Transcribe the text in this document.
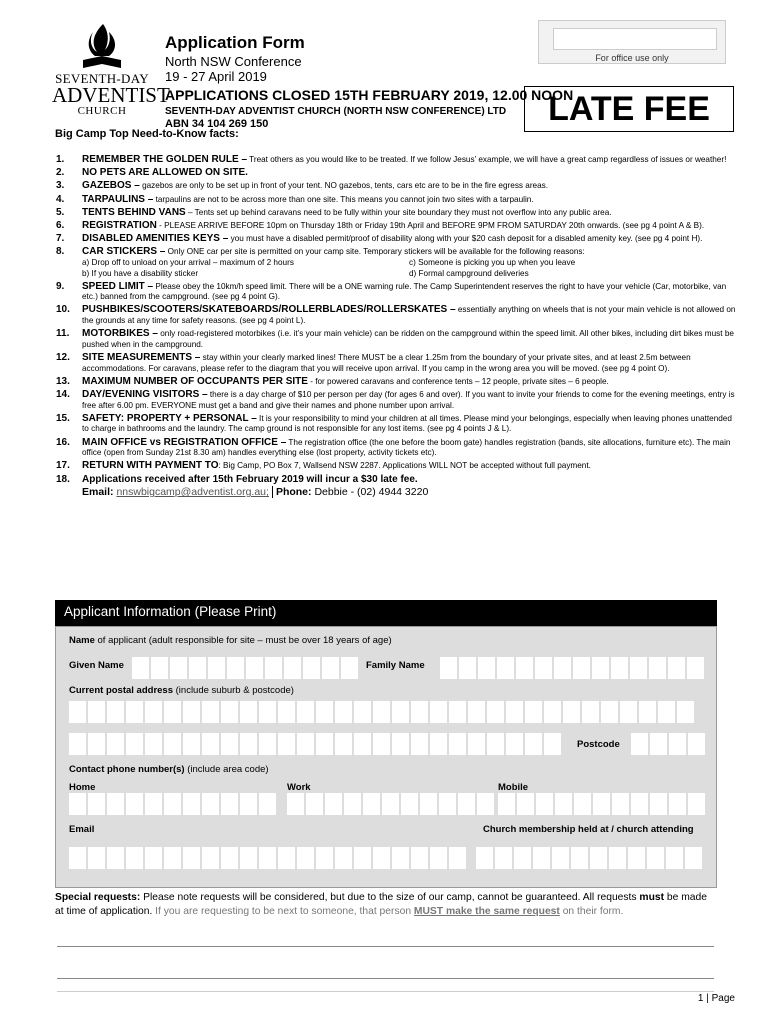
SEVENTH-DAY
ADVENTIST
CHURCH
Application Form
North NSW Conference
19 - 27 April 2019
APPLICATIONS CLOSED 15TH FEBRUARY 2019, 12.00 NOON
SEVENTH-DAY ADVENTIST CHURCH (NORTH NSW CONFERENCE) LTD
ABN 34 104 269 150
For office use only
LATE FEE
Big Camp Top Need-to-Know facts:
1. REMEMBER THE GOLDEN RULE – Treat others as you would like to be treated. If we follow Jesus’ example, we will have a great camp regardless of issues or weather!
2. NO PETS ARE ALLOWED ON SITE.
3. GAZEBOS – gazebos are only to be set up in front of your tent. NO gazebos, tents, cars etc are to be in the fire egress areas.
4. TARPAULINS – tarpaulins are not to be across more than one site. This means you cannot join two sites with a tarpaulin.
5. TENTS BEHIND VANS – Tents set up behind caravans need to be fully within your site boundary they must not overflow into any public area.
6. REGISTRATION - PLEASE ARRIVE BEFORE 10pm on Thursday 18th or Friday 19th April and BEFORE 9PM FROM SATURDAY 20th onwards. (see pg 4 point A & B).
7. DISABLED AMENITIES KEYS – you must have a disabled permit/proof of disability along with your $20 cash deposit for a disabled amenity key. (see pg 4 point H).
8. CAR STICKERS – Only ONE car per site is permitted on your camp site. Temporary stickers will be available for the following reasons:
a) Drop off to unload on your arrival – maximum of 2 hours	c) Someone is picking you up when you leave
b) If you have a disability sticker	d) Formal campground deliveries
9. SPEED LIMIT – Please obey the 10km/h speed limit. There will be a ONE warning rule. The Camp Superintendent reserves the right to have your vehicle (Car, motorbike, van etc.) banned from the campground. (see pg 4 point G).
10. PUSHBIKES/SCOOTERS/SKATEBOARDS/ROLLERBLADES/ROLLERSKATES – essentially anything on wheels that is not your main vehicle is not allowed on the grounds at any time for safety reasons. (see pg 4 point L).
11. MOTORBIKES – only road-registered motorbikes (i.e. it’s your main vehicle) can be ridden on the campground within the speed limit. All other bikes, including dirt bikes must be pushed when in the campground.
12. SITE MEASUREMENTS – stay within your clearly marked lines! There MUST be a clear 1.25m from the boundary of your private sites, and at least 2.5m between accommodations. For caravans, please refer to the diagram that you will receive upon arrival. If you camp in the wrong area you will be moved. (see pg 4 point O).
13. MAXIMUM NUMBER OF OCCUPANTS PER SITE - for powered caravans and conference tents – 12 people, private sites – 6 people.
14. DAY/EVENING VISITORS – there is a day charge of $10 per person per day (for ages 6 and over). If you want to invite your friends to come for the evening meetings, entry is free after 6.00 pm. EVERYONE must get a band and give their names and phone number upon arrival.
15. SAFETY: PROPERTY + PERSONAL – It is your responsibility to mind your children at all times. Please mind your belongings, especially when leaving phones unattended to charge in bathrooms and the laundry. The camp ground is not responsible for any lost items. (see pg 4 points J & L).
16. MAIN OFFICE vs REGISTRATION OFFICE – The registration office (the one before the boom gate) handles registration (bands, site allocations, furniture etc). The main office (open from Sunday 21st 8.30 am) handles everything else (lost property, activity tickets etc).
17. RETURN WITH PAYMENT TO: Big Camp, PO Box 7, Wallsend NSW 2287. Applications WILL NOT be accepted without full payment.
18. Applications received after 15th February 2019 will incur a $30 late fee.
Email: nnswbigcamp@adventist.org.au; Phone: Debbie - (02) 4944 3220
Applicant Information (Please Print)
Name of applicant (adult responsible for site – must be over 18 years of age)
Given Name	Family Name
Current postal address (include suburb & postcode)
Postcode
Contact phone number(s) (include area code)
Home	Work	Mobile
Email	Church membership held at / church attending
Special requests: Please note requests will be considered, but due to the size of our camp, cannot be guaranteed. All requests must be made at time of application. If you are requesting to be next to someone, that person MUST make the same request on their form.
1 | Page
